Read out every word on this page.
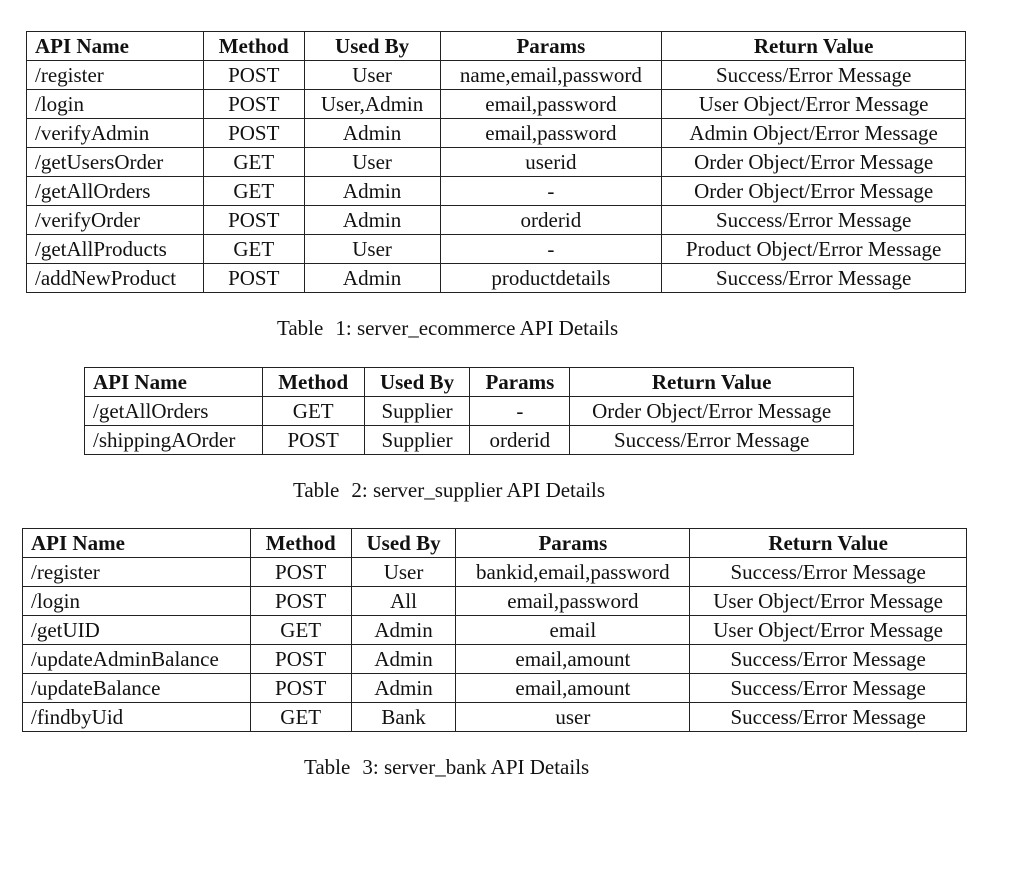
API Name	Method	Used By	Params	Return Value
/register	POST	User	name,email,password	Success/Error Message
/login	POST	User,Admin	email,password	User Object/Error Message
/verifyAdmin	POST	Admin	email,password	Admin Object/Error Message
/getUsersOrder	GET	User	userid	Order Object/Error Message
/getAllOrders	GET	Admin	-	Order Object/Error Message
/verifyOrder	POST	Admin	orderid	Success/Error Message
/getAllProducts	GET	User	-	Product Object/Error Message
/addNewProduct	POST	Admin	productdetails	Success/Error Message
Table 1: server_ecommerce API Details
API Name	Method	Used By	Params	Return Value
/getAllOrders	GET	Supplier	-	Order Object/Error Message
/shippingAOrder	POST	Supplier	orderid	Success/Error Message
Table 2: server_supplier API Details
API Name	Method	Used By	Params	Return Value
/register	POST	User	bankid,email,password	Success/Error Message
/login	POST	All	email,password	User Object/Error Message
/getUID	GET	Admin	email	User Object/Error Message
/updateAdminBalance	POST	Admin	email,amount	Success/Error Message
/updateBalance	POST	Admin	email,amount	Success/Error Message
/findbyUid	GET	Bank	user	Success/Error Message
Table 3: server_bank API Details
